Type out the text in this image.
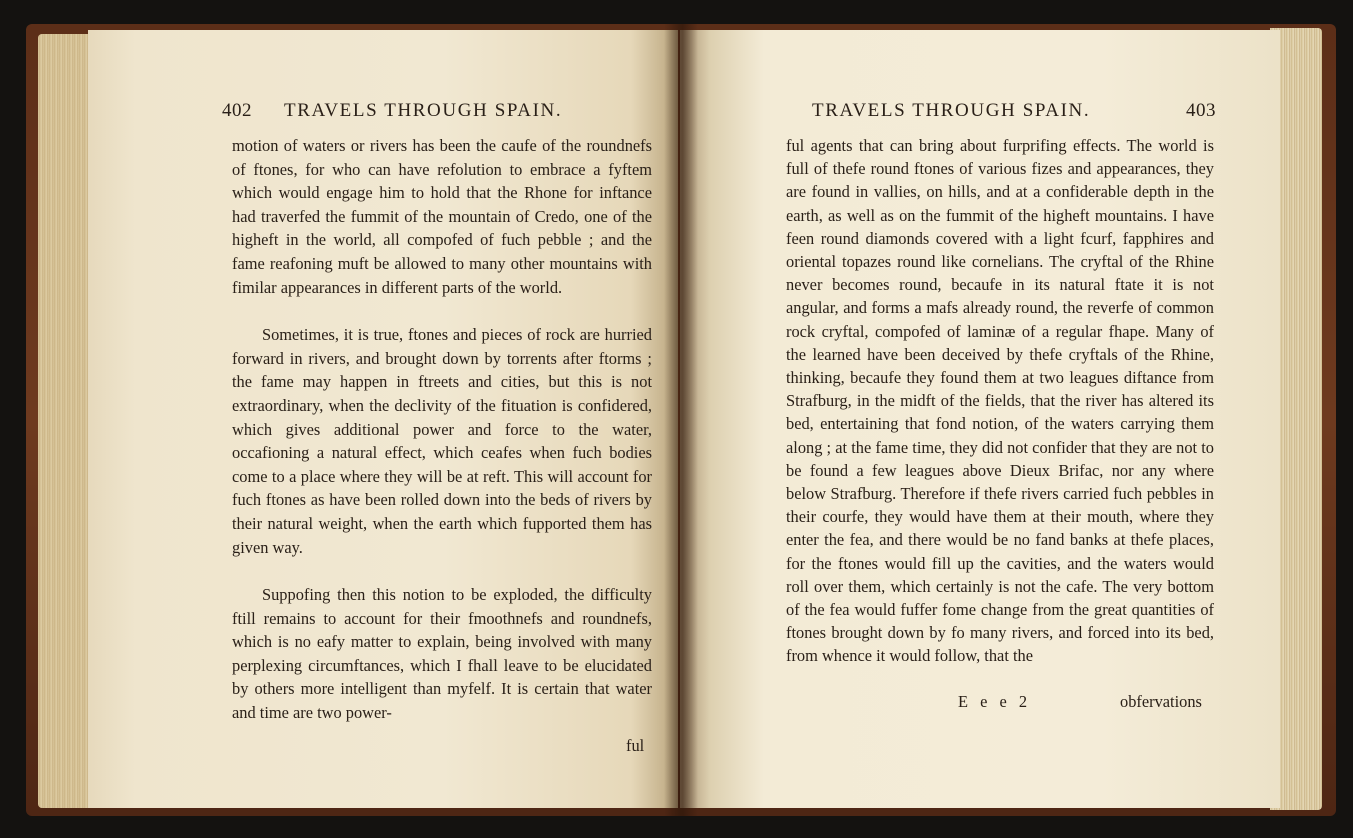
402 TRAVELS THROUGH SPAIN.

motion of waters or rivers has been the caufe of the roundnefs of ftones, for who can have refolution to embrace a fyftem which would engage him to hold that the Rhone for inftance had traverfed the fummit of the mountain of Credo, one of the higheft in the world, all compofed of fuch pebble ; and the fame reafoning muft be allowed to many other mountains with fimilar appearances in different parts of the world.

Sometimes, it is true, ftones and pieces of rock are hurried forward in rivers, and brought down by torrents after ftorms ; the fame may happen in ftreets and cities, but this is not extraordinary, when the declivity of the fituation is confidered, which gives additional power and force to the water, occafioning a natural effect, which ceafes when fuch bodies come to a place where they will be at reft. This will account for fuch ftones as have been rolled down into the beds of rivers by their natural weight, when the earth which fupported them has given way.

Suppofing then this notion to be exploded, the difficulty ftill remains to account for their fmoothnefs and roundnefs, which is no eafy matter to explain, being involved with many perplexing circumftances, which I fhall leave to be elucidated by others more intelligent than myfelf. It is certain that water and time are two power-

ful
TRAVELS THROUGH SPAIN.	403

ful agents that can bring about furprifing effects. The world is full of thefe round ftones of various fizes and appearances, they are found in vallies, on hills, and at a confiderable depth in the earth, as well as on the fummit of the higheft mountains. I have feen round diamonds covered with a light fcurf, fapphires and oriental topazes round like cornelians. The cryftal of the Rhine never becomes round, becaufe in its natural ftate it is not angular, and forms a mafs already round, the reverfe of common rock cryftal, compofed of laminæ of a regular fhape. Many of the learned have been deceived by thefe cryftals of the Rhine, thinking, becaufe they found them at two leagues diftance from Strafburg, in the midft of the fields, that the river has altered its bed, entertaining that fond notion, of the waters carrying them along ; at the fame time, they did not confider that they are not to be found a few leagues above Dieux Brifac, nor any where below Strafburg. Therefore if thefe rivers carried fuch pebbles in their courfe, they would have them at their mouth, where they enter the fea, and there would be no fand banks at thefe places, for the ftones would fill up the cavities, and the waters would roll over them, which certainly is not the cafe. The very bottom of the fea would fuffer fome change from the great quantities of ftones brought down by fo many rivers, and forced into its bed, from whence it would follow, that the

E e e 2	obfervations
